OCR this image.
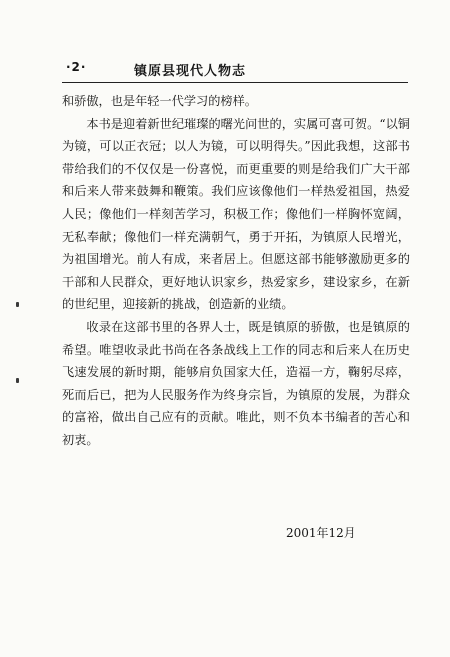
·2·	镇原县现代人物志

和骄傲，也是年轻一代学习的榜样。

本书是迎着新世纪璀璨的曙光问世的，实属可喜可贺。“以铜为镜，可以正衣冠；以人为镜，可以明得失。”因此我想，这部书带给我们的不仅仅是一份喜悦，而更重要的则是给我们广大干部和后来人带来鼓舞和鞭策。我们应该像他们一样热爱祖国，热爱人民；像他们一样刻苦学习，积极工作；像他们一样胸怀宽阔，无私奉献；像他们一样充满朝气，勇于开拓，为镇原人民增光，为祖国增光。前人有成，来者居上。但愿这部书能够激励更多的干部和人民群众，更好地认识家乡，热爱家乡，建设家乡，在新的世纪里，迎接新的挑战，创造新的业绩。

收录在这部书里的各界人士，既是镇原的骄傲，也是镇原的希望。唯望收录此书尚在各条战线上工作的同志和后来人在历史飞速发展的新时期，能够肩负国家大任，造福一方，鞠躬尽瘁，死而后已，把为人民服务作为终身宗旨，为镇原的发展，为群众的富裕，做出自己应有的贡献。唯此，则不负本书编者的苦心和初衷。

2001年12月
